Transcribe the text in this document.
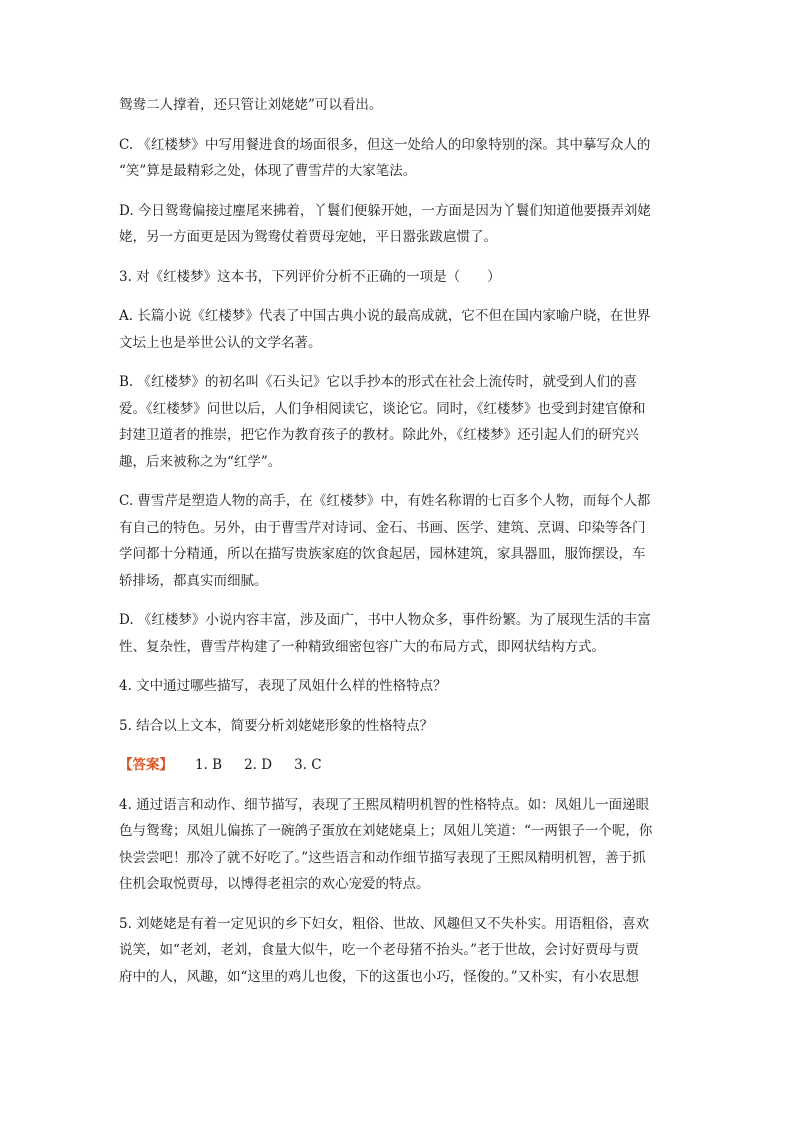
鸳鸯二人撑着，还只管让刘姥姥”可以看出。
C. 《红楼梦》中写用餐进食的场面很多，但这一处给人的印象特别的深。其中摹写众人的
“笑”算是最精彩之处，体现了曹雪芹的大家笔法。
D. 今日鸳鸯偏接过麈尾来拂着，丫鬟们便躲开她，一方面是因为丫鬟们知道他要摄弄刘姥
姥，另一方面更是因为鸳鸯仗着贾母宠她，平日嚣张跋扈惯了。
3. 对《红楼梦》这本书，下列评价分析不正确的一项是（　　）
A. 长篇小说《红楼梦》代表了中国古典小说的最高成就，它不但在国内家喻户晓，在世界
文坛上也是举世公认的文学名著。
B. 《红楼梦》的初名叫《石头记》它以手抄本的形式在社会上流传时，就受到人们的喜
爱。《红楼梦》问世以后，人们争相阅读它，谈论它。同时，《红楼梦》也受到封建官僚和
封建卫道者的推崇，把它作为教育孩子的教材。除此外，《红楼梦》还引起人们的研究兴
趣，后来被称之为“红学”。
C. 曹雪芹是塑造人物的高手，在《红楼梦》中，有姓名称谓的七百多个人物，而每个人都
有自己的特色。另外，由于曹雪芹对诗词、金石、书画、医学、建筑、烹调、印染等各门
学问都十分精通，所以在描写贵族家庭的饮食起居，园林建筑，家具器皿，服饰摆设，车
轿排场，都真实而细腻。
D. 《红楼梦》小说内容丰富，涉及面广，书中人物众多，事件纷繁。为了展现生活的丰富
性、复杂性，曹雪芹构建了一种精致细密包容广大的布局方式，即网状结构方式。
4. 文中通过哪些描写，表现了凤姐什么样的性格特点？
5. 结合以上文本，简要分析刘姥姥形象的性格特点？
【答案】 1. B 2. D 3. C
4. 通过语言和动作、细节描写，表现了王熙凤精明机智的性格特点。如：凤姐儿一面递眼
色与鸳鸯；凤姐儿偏拣了一碗鸽子蛋放在刘姥姥桌上；凤姐儿笑道：“一两银子一个呢，你
快尝尝吧！那冷了就不好吃了。”这些语言和动作细节描写表现了王熙凤精明机智，善于抓
住机会取悦贾母，以博得老祖宗的欢心宠爱的特点。
5. 刘姥姥是有着一定见识的乡下妇女，粗俗、世故、风趣但又不失朴实。用语粗俗，喜欢
说笑，如“老刘，老刘，食量大似牛，吃一个老母猪不抬头。”老于世故，会讨好贾母与贾
府中的人，风趣，如“这里的鸡儿也俊，下的这蛋也小巧，怪俊的。”又朴实，有小农思想
